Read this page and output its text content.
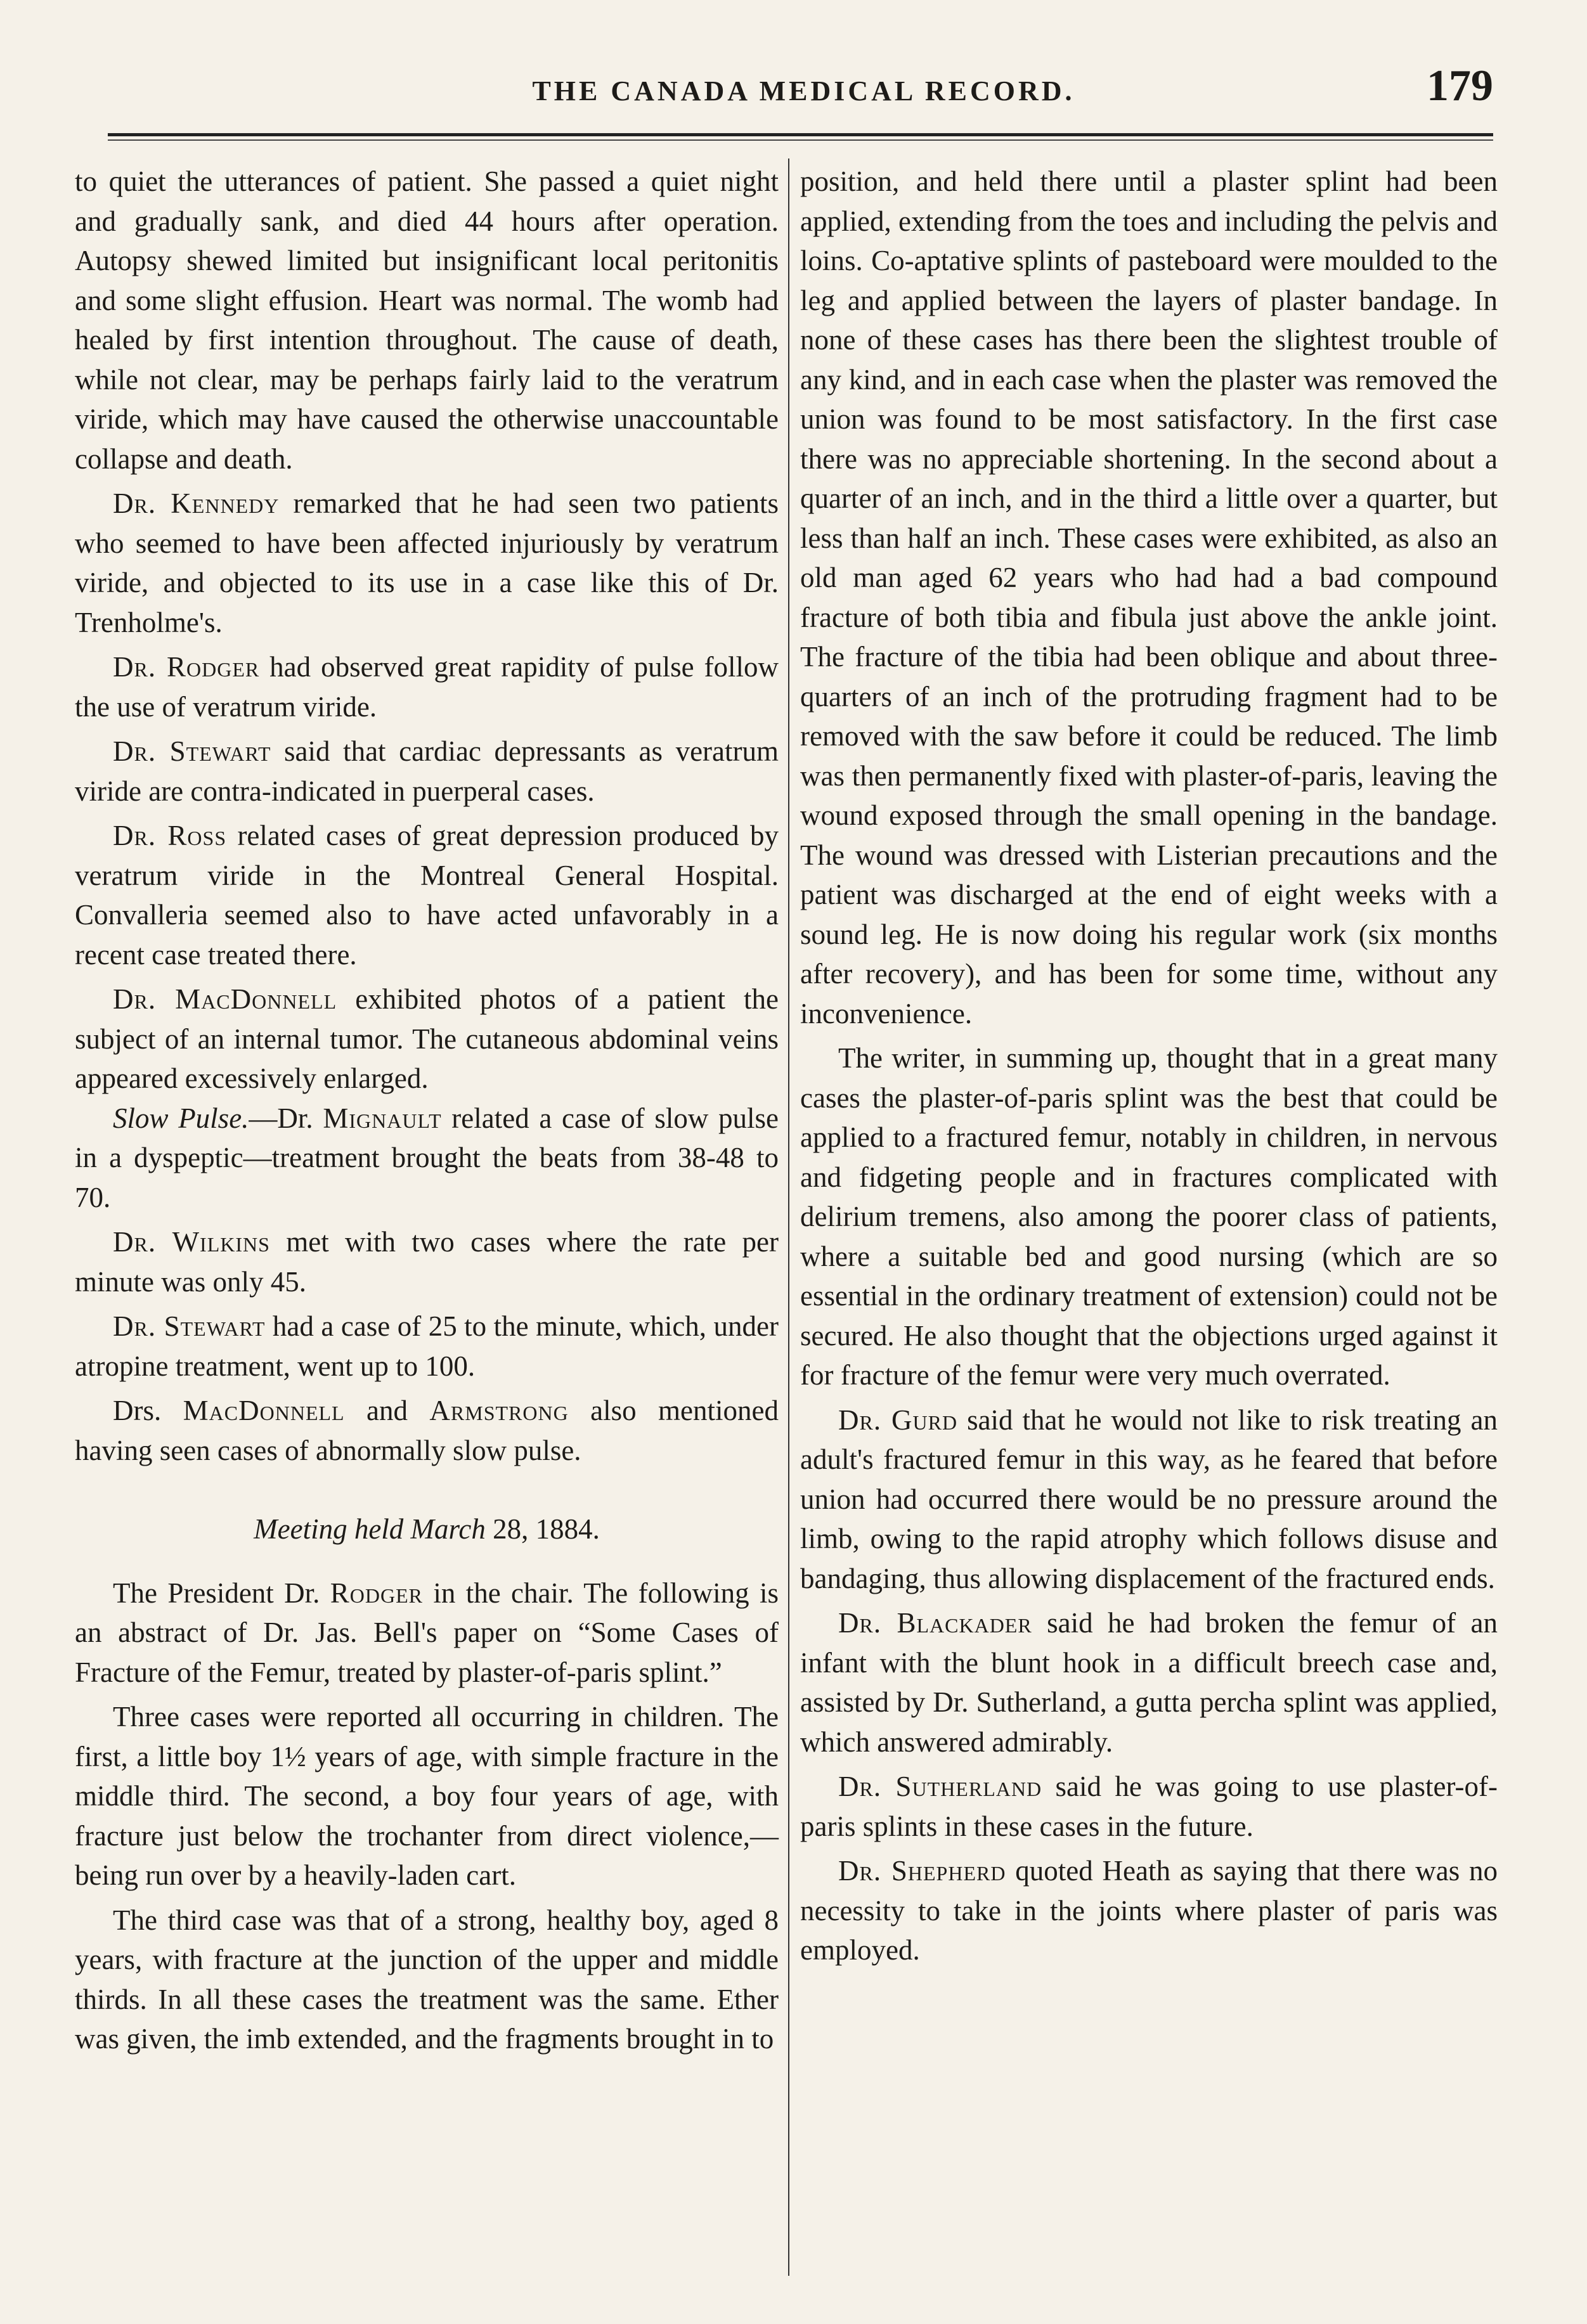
THE CANADA MEDICAL RECORD.	179

to quiet the utterances of patient. She passed a quiet night and gradually sank, and died 44 hours after operation. Autopsy shewed limited but insignificant local peritonitis and some slight effusion. Heart was normal. The womb had healed by first intention throughout. The cause of death, while not clear, may be perhaps fairly laid to the veratrum viride, which may have caused the otherwise unaccountable collapse and death.

Dr. Kennedy remarked that he had seen two patients who seemed to have been affected injuriously by veratrum viride, and objected to its use in a case like this of Dr. Trenholme's.

Dr. Rodger had observed great rapidity of pulse follow the use of veratrum viride.

Dr. Stewart said that cardiac depressants as veratrum viride are contra-indicated in puerperal cases.

Dr. Ross related cases of great depression produced by veratrum viride in the Montreal General Hospital. Convalleria seemed also to have acted unfavorably in a recent case treated there.

Dr. MacDonnell exhibited photos of a patient the subject of an internal tumor. The cutaneous abdominal veins appeared excessively enlarged.

Slow Pulse.—Dr. Mignault related a case of slow pulse in a dyspeptic—treatment brought the beats from 38-48 to 70.

Dr. Wilkins met with two cases where the rate per minute was only 45.

Dr. Stewart had a case of 25 to the minute, which, under atropine treatment, went up to 100.

Drs. MacDonnell and Armstrong also mentioned having seen cases of abnormally slow pulse.

Meeting held March 28, 1884.

The President Dr. Rodger in the chair. The following is an abstract of Dr. Jas. Bell's paper on “Some Cases of Fracture of the Femur, treated by plaster-of-paris splint.”

Three cases were reported all occurring in children. The first, a little boy 1½ years of age, with simple fracture in the middle third. The second, a boy four years of age, with fracture just below the trochanter from direct violence,—being run over by a heavily-laden cart.

The third case was that of a strong, healthy boy, aged 8 years, with fracture at the junction of the upper and middle thirds. In all these cases the treatment was the same. Ether was given, the imb extended, and the fragments brought in to

position, and held there until a plaster splint had been applied, extending from the toes and including the pelvis and loins. Co-aptative splints of pasteboard were moulded to the leg and applied between the layers of plaster bandage. In none of these cases has there been the slightest trouble of any kind, and in each case when the plaster was removed the union was found to be most satisfactory. In the first case there was no appreciable shortening. In the second about a quarter of an inch, and in the third a little over a quarter, but less than half an inch. These cases were exhibited, as also an old man aged 62 years who had had a bad compound fracture of both tibia and fibula just above the ankle joint. The fracture of the tibia had been oblique and about three-quarters of an inch of the protruding fragment had to be removed with the saw before it could be reduced. The limb was then permanently fixed with plaster-of-paris, leaving the wound exposed through the small opening in the bandage. The wound was dressed with Listerian precautions and the patient was discharged at the end of eight weeks with a sound leg. He is now doing his regular work (six months after recovery), and has been for some time, without any inconvenience.

The writer, in summing up, thought that in a great many cases the plaster-of-paris splint was the best that could be applied to a fractured femur, notably in children, in nervous and fidgeting people and in fractures complicated with delirium tremens, also among the poorer class of patients, where a suitable bed and good nursing (which are so essential in the ordinary treatment of extension) could not be secured. He also thought that the objections urged against it for fracture of the femur were very much overrated.

Dr. Gurd said that he would not like to risk treating an adult's fractured femur in this way, as he feared that before union had occurred there would be no pressure around the limb, owing to the rapid atrophy which follows disuse and bandaging, thus allowing displacement of the fractured ends.

Dr. Blackader said he had broken the femur of an infant with the blunt hook in a difficult breech case and, assisted by Dr. Sutherland, a gutta percha splint was applied, which answered admirably.

Dr. Sutherland said he was going to use plaster-of-paris splints in these cases in the future.

Dr. Shepherd quoted Heath as saying that there was no necessity to take in the joints where plaster of paris was employed.
